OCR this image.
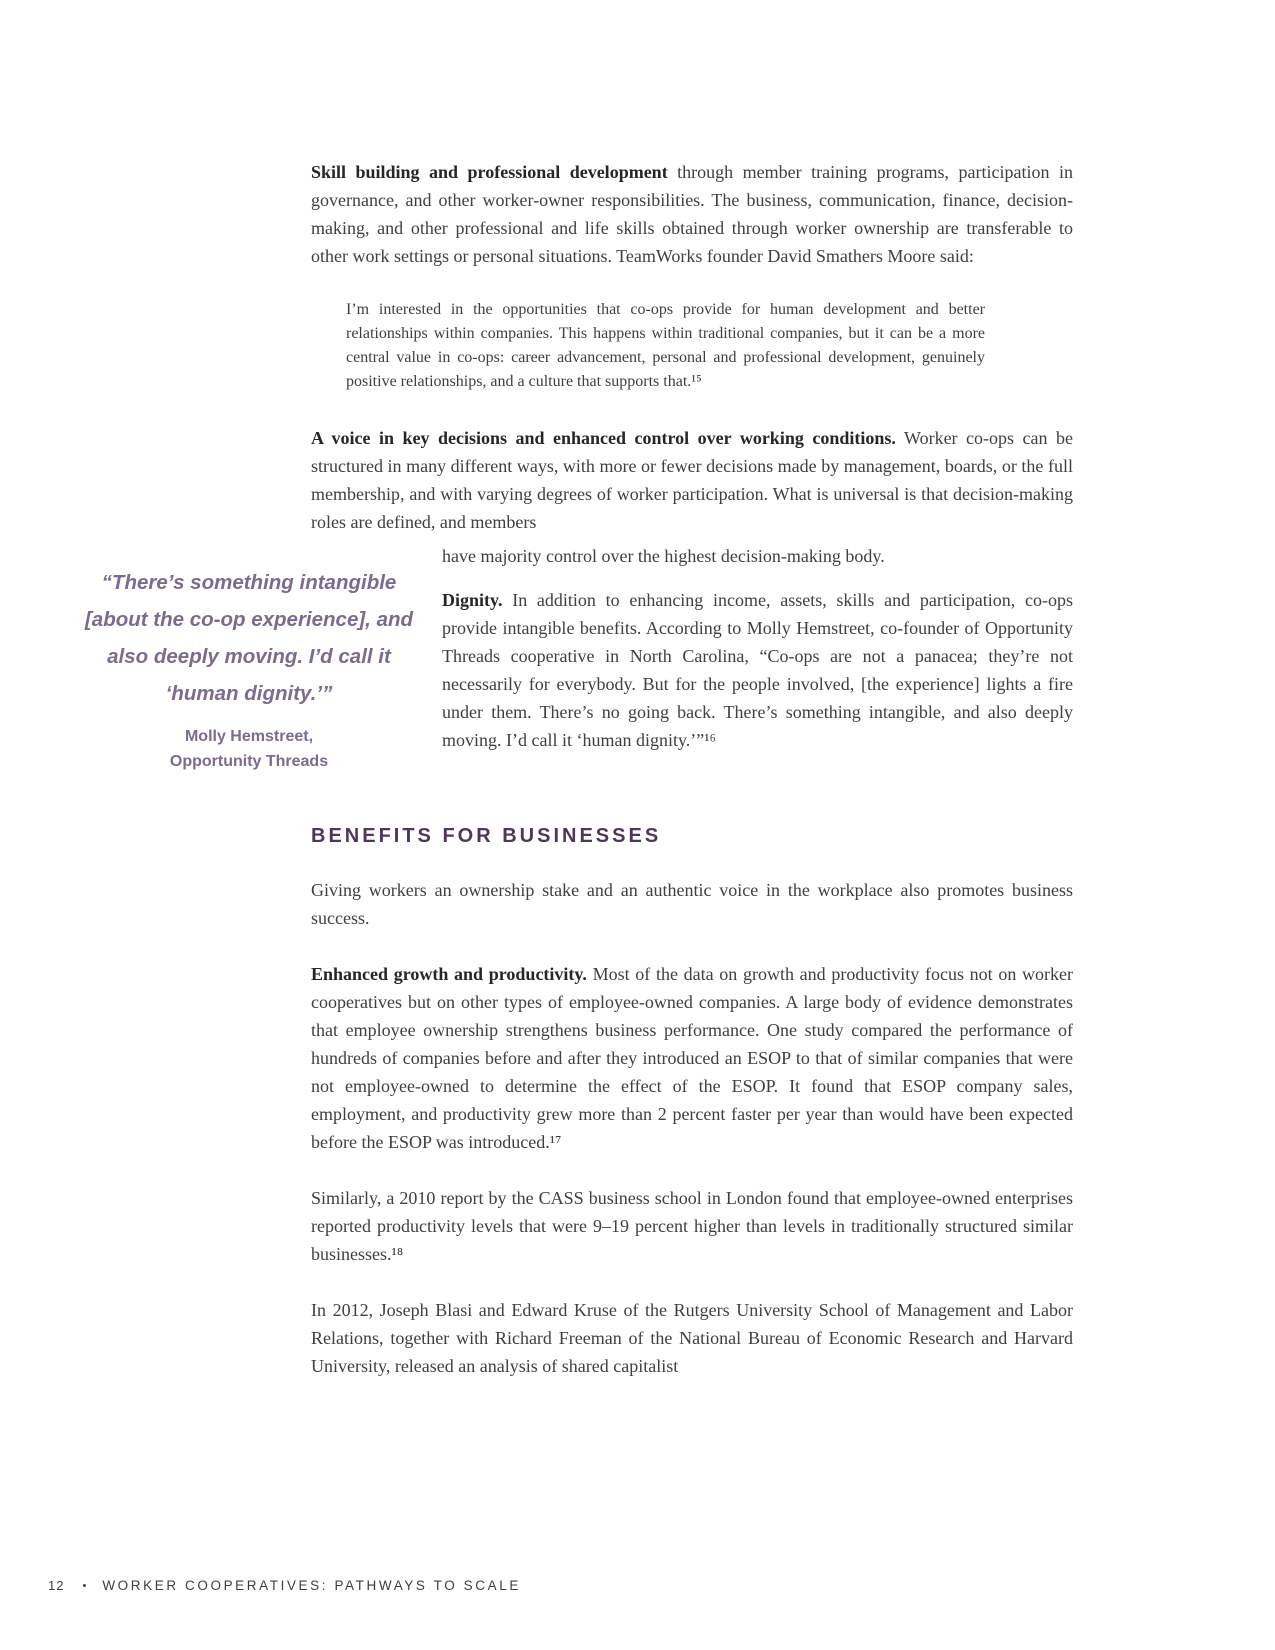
Skill building and professional development through member training programs, participation in governance, and other worker-owner responsibilities. The business, communication, finance, decision-making, and other professional and life skills obtained through worker ownership are transferable to other work settings or personal situations. TeamWorks founder David Smathers Moore said:

I’m interested in the opportunities that co-ops provide for human development and better relationships within companies. This happens within traditional companies, but it can be a more central value in co-ops: career advancement, personal and professional development, genuinely positive relationships, and a culture that supports that.¹⁵

A voice in key decisions and enhanced control over working conditions. Worker co-ops can be structured in many different ways, with more or fewer decisions made by management, boards, or the full membership, and with varying degrees of worker participation. What is universal is that decision-making roles are defined, and members

“There’s something intangible [about the co-op experience], and also deeply moving. I’d call it ‘human dignity.’”
Molly Hemstreet,
Opportunity Threads

have majority control over the highest decision-making body.

Dignity. In addition to enhancing income, assets, skills and participation, co-ops provide intangible benefits. According to Molly Hemstreet, co-founder of Opportunity Threads cooperative in North Carolina, “Co-ops are not a panacea; they’re not necessarily for everybody. But for the people involved, [the experience] lights a fire under them. There’s no going back. There’s something intangible, and also deeply moving. I’d call it ‘human dignity.’”¹⁶

BENEFITS FOR BUSINESSES

Giving workers an ownership stake and an authentic voice in the workplace also promotes business success.

Enhanced growth and productivity. Most of the data on growth and productivity focus not on worker cooperatives but on other types of employee-owned companies. A large body of evidence demonstrates that employee ownership strengthens business performance. One study compared the performance of hundreds of companies before and after they introduced an ESOP to that of similar companies that were not employee-owned to determine the effect of the ESOP. It found that ESOP company sales, employment, and productivity grew more than 2 percent faster per year than would have been expected before the ESOP was introduced.¹⁷

Similarly, a 2010 report by the CASS business school in London found that employee-owned enterprises reported productivity levels that were 9–19 percent higher than levels in traditionally structured similar businesses.¹⁸

In 2012, Joseph Blasi and Edward Kruse of the Rutgers University School of Management and Labor Relations, together with Richard Freeman of the National Bureau of Economic Research and Harvard University, released an analysis of shared capitalist

12 • WORKER COOPERATIVES: PATHWAYS TO SCALE
